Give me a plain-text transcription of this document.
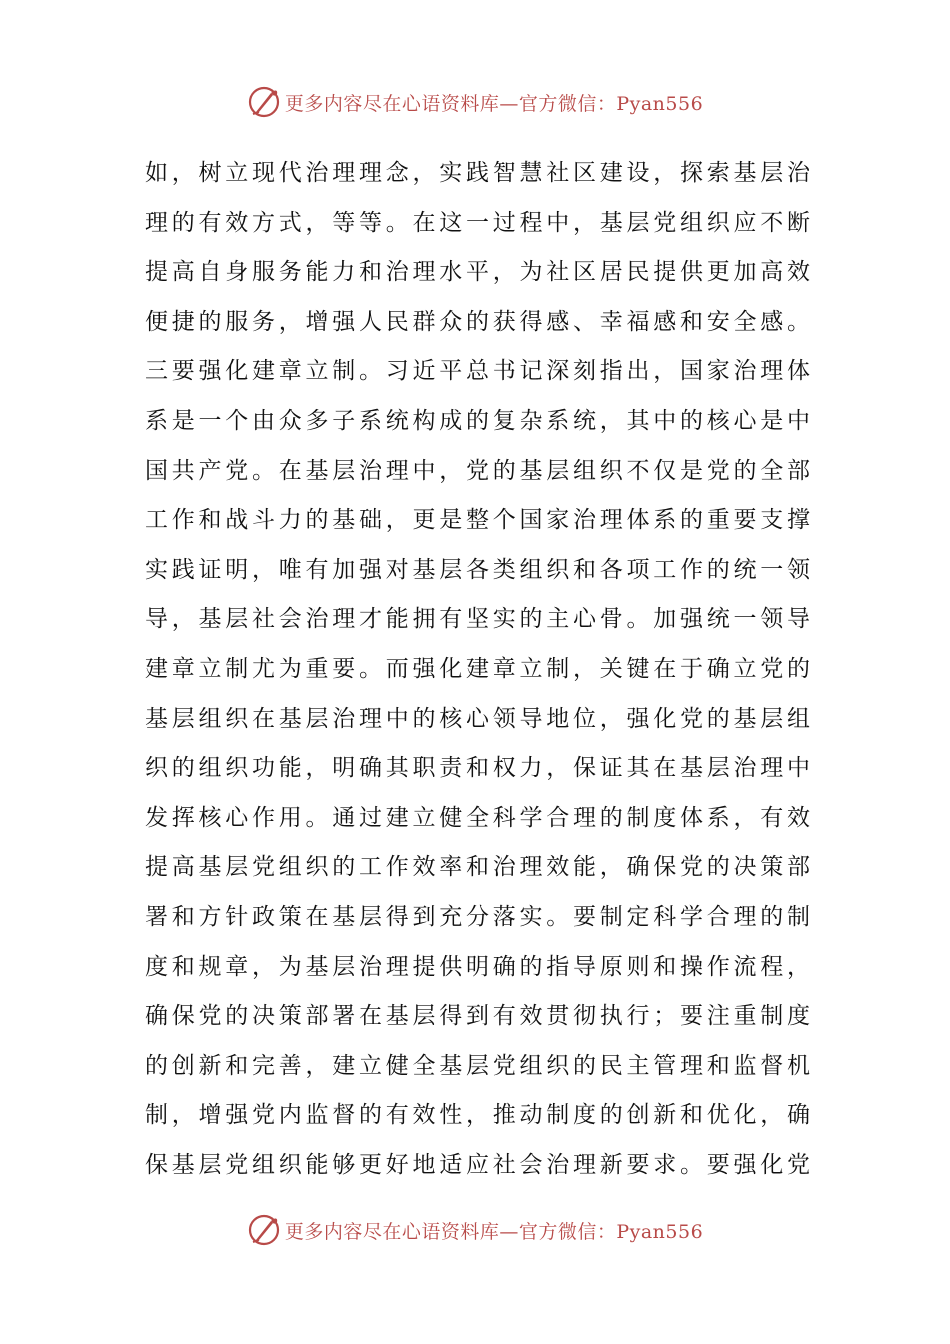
更多内容尽在心语资料库—官方微信：Pyan556
如，树立现代治理理念，实践智慧社区建设，探索基层治
理的有效方式，等等。在这一过程中，基层党组织应不断
提高自身服务能力和治理水平，为社区居民提供更加高效
便捷的服务，增强人民群众的获得感、幸福感和安全感。
三要强化建章立制。习近平总书记深刻指出，国家治理体
系是一个由众多子系统构成的复杂系统，其中的核心是中
国共产党。在基层治理中，党的基层组织不仅是党的全部
工作和战斗力的基础，更是整个国家治理体系的重要支撑
实践证明，唯有加强对基层各类组织和各项工作的统一领
导，基层社会治理才能拥有坚实的主心骨。加强统一领导
建章立制尤为重要。而强化建章立制，关键在于确立党的
基层组织在基层治理中的核心领导地位，强化党的基层组
织的组织功能，明确其职责和权力，保证其在基层治理中
发挥核心作用。通过建立健全科学合理的制度体系，有效
提高基层党组织的工作效率和治理效能，确保党的决策部
署和方针政策在基层得到充分落实。要制定科学合理的制
度和规章，为基层治理提供明确的指导原则和操作流程，
确保党的决策部署在基层得到有效贯彻执行；要注重制度
的创新和完善，建立健全基层党组织的民主管理和监督机
制，增强党内监督的有效性，推动制度的创新和优化，确
保基层党组织能够更好地适应社会治理新要求。要强化党
更多内容尽在心语资料库—官方微信：Pyan556
